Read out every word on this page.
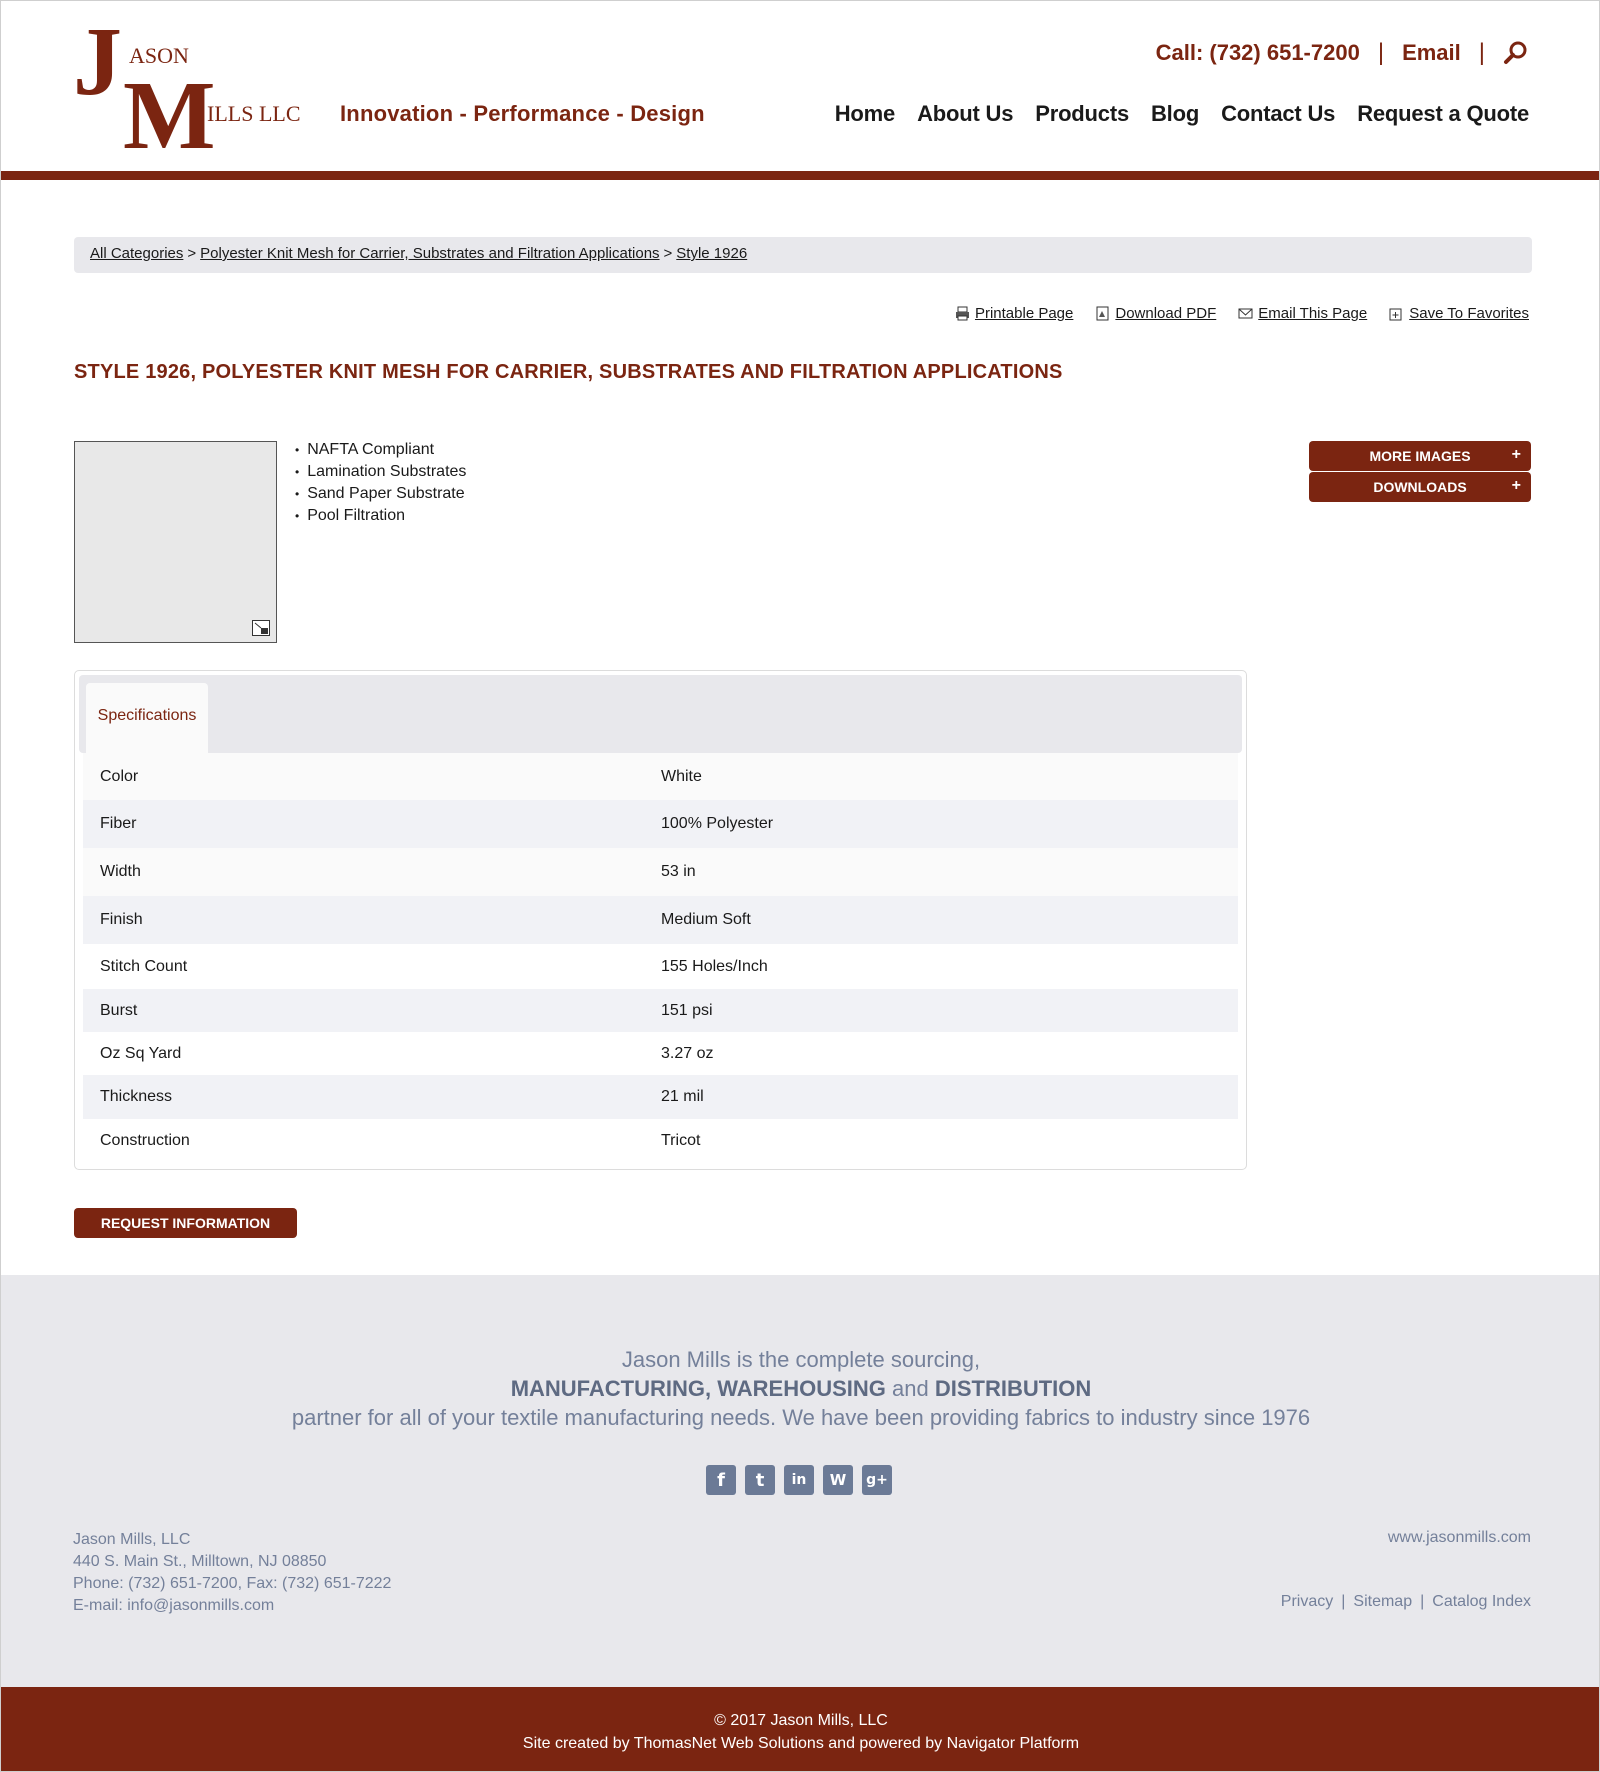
J ASON
M
ILLS LLC Innovation - Performance - Design
Call: (732) 651-7200 | Email |
Home About Us Products Blog Contact Us Request a Quote
All Categories > Polyester Knit Mesh for Carrier, Substrates and Filtration Applications > Style 1926
Printable Page	Download PDF	Email This Page	Save To Favorites
STYLE 1926, POLYESTER KNIT MESH FOR CARRIER, SUBSTRATES AND FILTRATION APPLICATIONS
• NAFTA Compliant
• Lamination Substrates
• Sand Paper Substrate
• Pool Filtration
MORE IMAGES	+
DOWNLOADS	+
Specifications
Color	White
Fiber	100% Polyester
Width	53 in
Finish	Medium Soft
Stitch Count	155 Holes/Inch
Burst	151 psi
Oz Sq Yard	3.27 oz
Thickness	21 mil
Construction	Tricot
REQUEST INFORMATION
Jason Mills is the complete sourcing,
MANUFACTURING, WAREHOUSING and DISTRIBUTION
partner for all of your textile manufacturing needs. We have been providing fabrics to industry since 1976
f	t	in	W	g+
Jason Mills, LLC
440 S. Main St., Milltown, NJ 08850
Phone: (732) 651-7200, Fax: (732) 651-7222
E-mail: info@jasonmills.com
www.jasonmills.com
Privacy | Sitemap | Catalog Index
© 2017 Jason Mills, LLC
Site created by ThomasNet Web Solutions and powered by Navigator Platform
